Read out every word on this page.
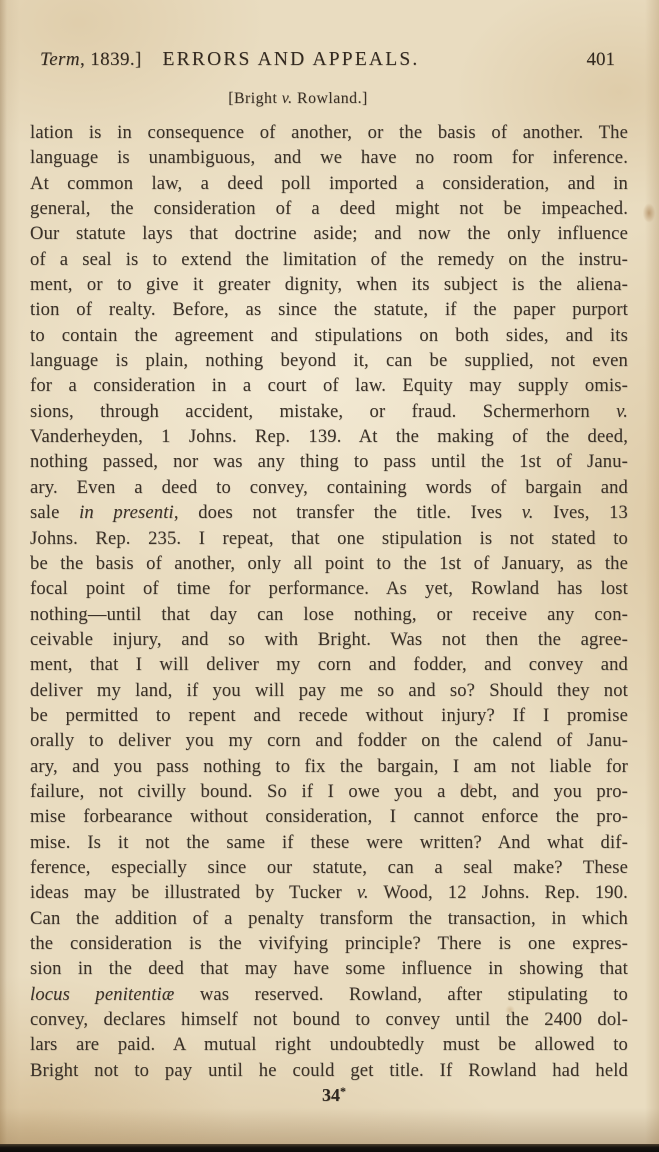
Term, 1839.]	ERRORS AND APPEALS.	401
[Bright v. Rowland.]
lation is in consequence of another, or the basis of another. The
language is unambiguous, and we have no room for inference.
At common law, a deed poll imported a consideration, and in
general, the consideration of a deed might not be impeached.
Our statute lays that doctrine aside; and now the only influence
of a seal is to extend the limitation of the remedy on the instru-
ment, or to give it greater dignity, when its subject is the aliena-
tion of realty. Before, as since the statute, if the paper purport
to contain the agreement and stipulations on both sides, and its
language is plain, nothing beyond it, can be supplied, not even
for a consideration in a court of law. Equity may supply omis-
sions, through accident, mistake, or fraud. Schermerhorn v.
Vanderheyden, 1 Johns. Rep. 139. At the making of the deed,
nothing passed, nor was any thing to pass until the 1st of Janu-
ary. Even a deed to convey, containing words of bargain and
sale in presenti, does not transfer the title. Ives v. Ives, 13
Johns. Rep. 235. I repeat, that one stipulation is not stated to
be the basis of another, only all point to the 1st of January, as the
focal point of time for performance. As yet, Rowland has lost
nothing—until that day can lose nothing, or receive any con-
ceivable injury, and so with Bright. Was not then the agree-
ment, that I will deliver my corn and fodder, and convey and
deliver my land, if you will pay me so and so? Should they not
be permitted to repent and recede without injury? If I promise
orally to deliver you my corn and fodder on the calend of Janu-
ary, and you pass nothing to fix the bargain, I am not liable for
failure, not civilly bound. So if I owe you a debt, and you pro-
mise forbearance without consideration, I cannot enforce the pro-
mise. Is it not the same if these were written? And what dif-
ference, especially since our statute, can a seal make? These
ideas may be illustrated by Tucker v. Wood, 12 Johns. Rep. 190.
Can the addition of a penalty transform the transaction, in which
the consideration is the vivifying principle? There is one expres-
sion in the deed that may have some influence in showing that
locus penitentiæ was reserved. Rowland, after stipulating to
convey, declares himself not bound to convey until the 2400 dol-
lars are paid. A mutual right undoubtedly must be allowed to
Bright not to pay until he could get title. If Rowland had held
34*
